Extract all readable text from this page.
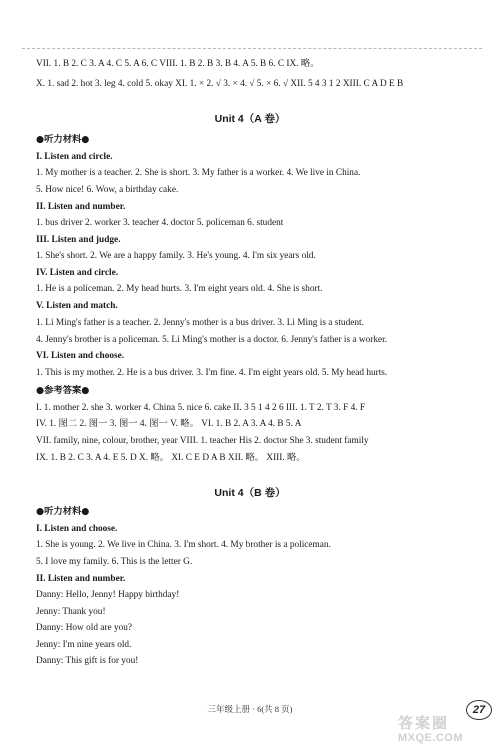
VII. 1. B 2. C 3. A 4. C 5. A 6. C VIII. 1. B 2. B 3. B 4. A 5. B 6. C IX. 略。
X. 1. sad 2. hot 3. leg 4. cold 5. okay XI. 1. × 2. √ 3. × 4. √ 5. × 6. √ XII. 5 4 3 1 2 XIII. C A D E B
Unit 4（A 卷）
●听力材料●
I. Listen and circle.
1. My mother is a teacher. 2. She is short. 3. My father is a worker. 4. We live in China.
5. How nice! 6. Wow, a birthday cake.
II. Listen and number.
1. bus driver 2. worker 3. teacher 4. doctor 5. policeman 6. student
III. Listen and judge.
1. She's short. 2. We are a happy family. 3. He's young. 4. I'm six years old.
IV. Listen and circle.
1. He is a policeman. 2. My head hurts. 3. I'm eight years old. 4. She is short.
V. Listen and match.
1. Li Ming's father is a teacher. 2. Jenny's mother is a bus driver. 3. Li Ming is a student.
4. Jenny's brother is a policeman. 5. Li Ming's mother is a doctor. 6. Jenny's father is a worker.
VI. Listen and choose.
1. This is my mother. 2. He is a bus driver. 3. I'm fine. 4. I'm eight years old. 5. My head hurts.
●参考答案●
I. 1. mother 2. she 3. worker 4. China 5. nice 6. cake II. 3 5 1 4 2 6 III. 1. T 2. T 3. F 4. F
IV. 1. 图二 2. 图一 3. 图一 4. 图一 V. 略。 VI. 1. B 2. A 3. A 4. B 5. A
VII. family, nine, colour, brother, year VIII. 1. teacher His 2. doctor She 3. student family
IX. 1. B 2. C 3. A 4. E 5. D X. 略。 XI. C E D A B XII. 略。 XIII. 略。
Unit 4（B 卷）
●听力材料●
I. Listen and choose.
1. She is young. 2. We live in China. 3. I'm short. 4. My brother is a policeman.
5. I love my family. 6. This is the letter G.
II. Listen and number.
Danny: Hello, Jenny! Happy birthday!
Jenny: Thank you!
Danny: How old are you?
Jenny: I'm nine years old.
Danny: This gift is for you!
三年级上册 · 6(共 8 页)	27
答案圈
MXQE.COM
